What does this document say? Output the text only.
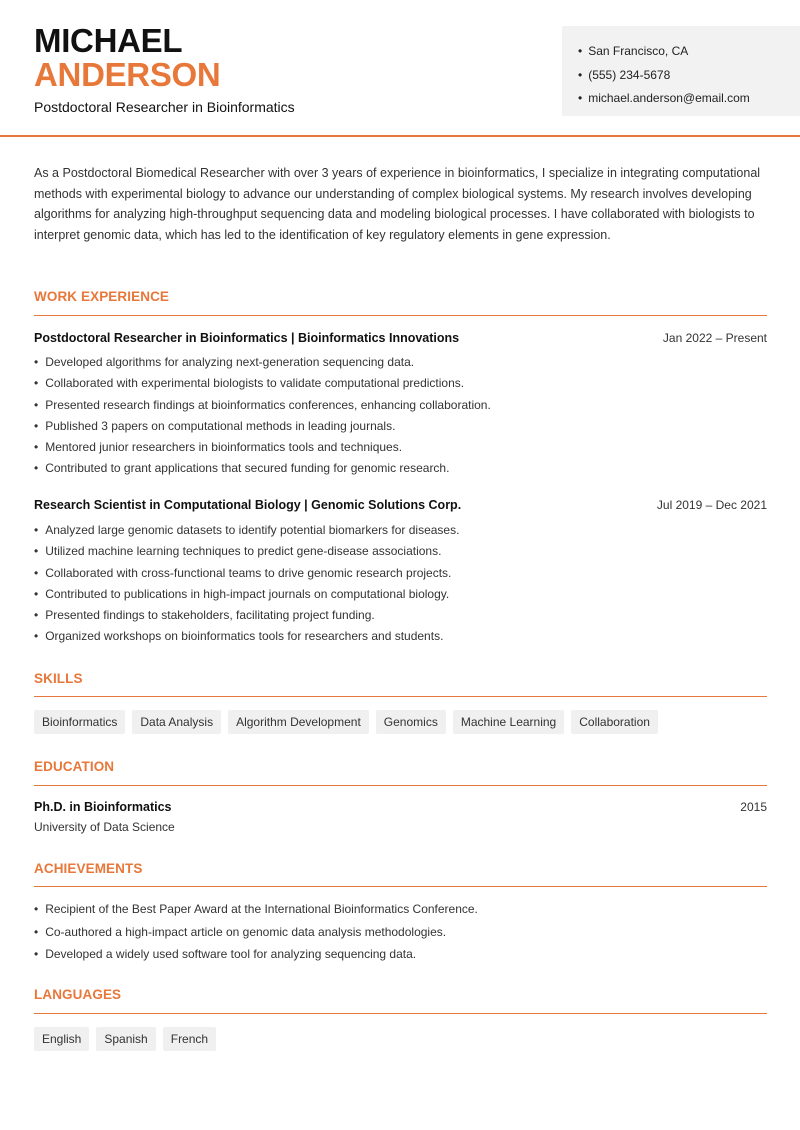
MICHAEL
ANDERSON
Postdoctoral Researcher in Bioinformatics
• San Francisco, CA
• (555) 234-5678
• michael.anderson@email.com
As a Postdoctoral Biomedical Researcher with over 3 years of experience in bioinformatics, I specialize in integrating computational methods with experimental biology to advance our understanding of complex biological systems. My research involves developing algorithms for analyzing high-throughput sequencing data and modeling biological processes. I have collaborated with biologists to interpret genomic data, which has led to the identification of key regulatory elements in gene expression.
WORK EXPERIENCE
Postdoctoral Researcher in Bioinformatics | Bioinformatics Innovations	Jan 2022 – Present
• Developed algorithms for analyzing next-generation sequencing data.
• Collaborated with experimental biologists to validate computational predictions.
• Presented research findings at bioinformatics conferences, enhancing collaboration.
• Published 3 papers on computational methods in leading journals.
• Mentored junior researchers in bioinformatics tools and techniques.
• Contributed to grant applications that secured funding for genomic research.
Research Scientist in Computational Biology | Genomic Solutions Corp.	Jul 2019 – Dec 2021
• Analyzed large genomic datasets to identify potential biomarkers for diseases.
• Utilized machine learning techniques to predict gene-disease associations.
• Collaborated with cross-functional teams to drive genomic research projects.
• Contributed to publications in high-impact journals on computational biology.
• Presented findings to stakeholders, facilitating project funding.
• Organized workshops on bioinformatics tools for researchers and students.
SKILLS
Bioinformatics	Data Analysis	Algorithm Development	Genomics	Machine Learning	Collaboration
EDUCATION
Ph.D. in Bioinformatics	2015
University of Data Science
ACHIEVEMENTS
• Recipient of the Best Paper Award at the International Bioinformatics Conference.
• Co-authored a high-impact article on genomic data analysis methodologies.
• Developed a widely used software tool for analyzing sequencing data.
LANGUAGES
English	Spanish	French
